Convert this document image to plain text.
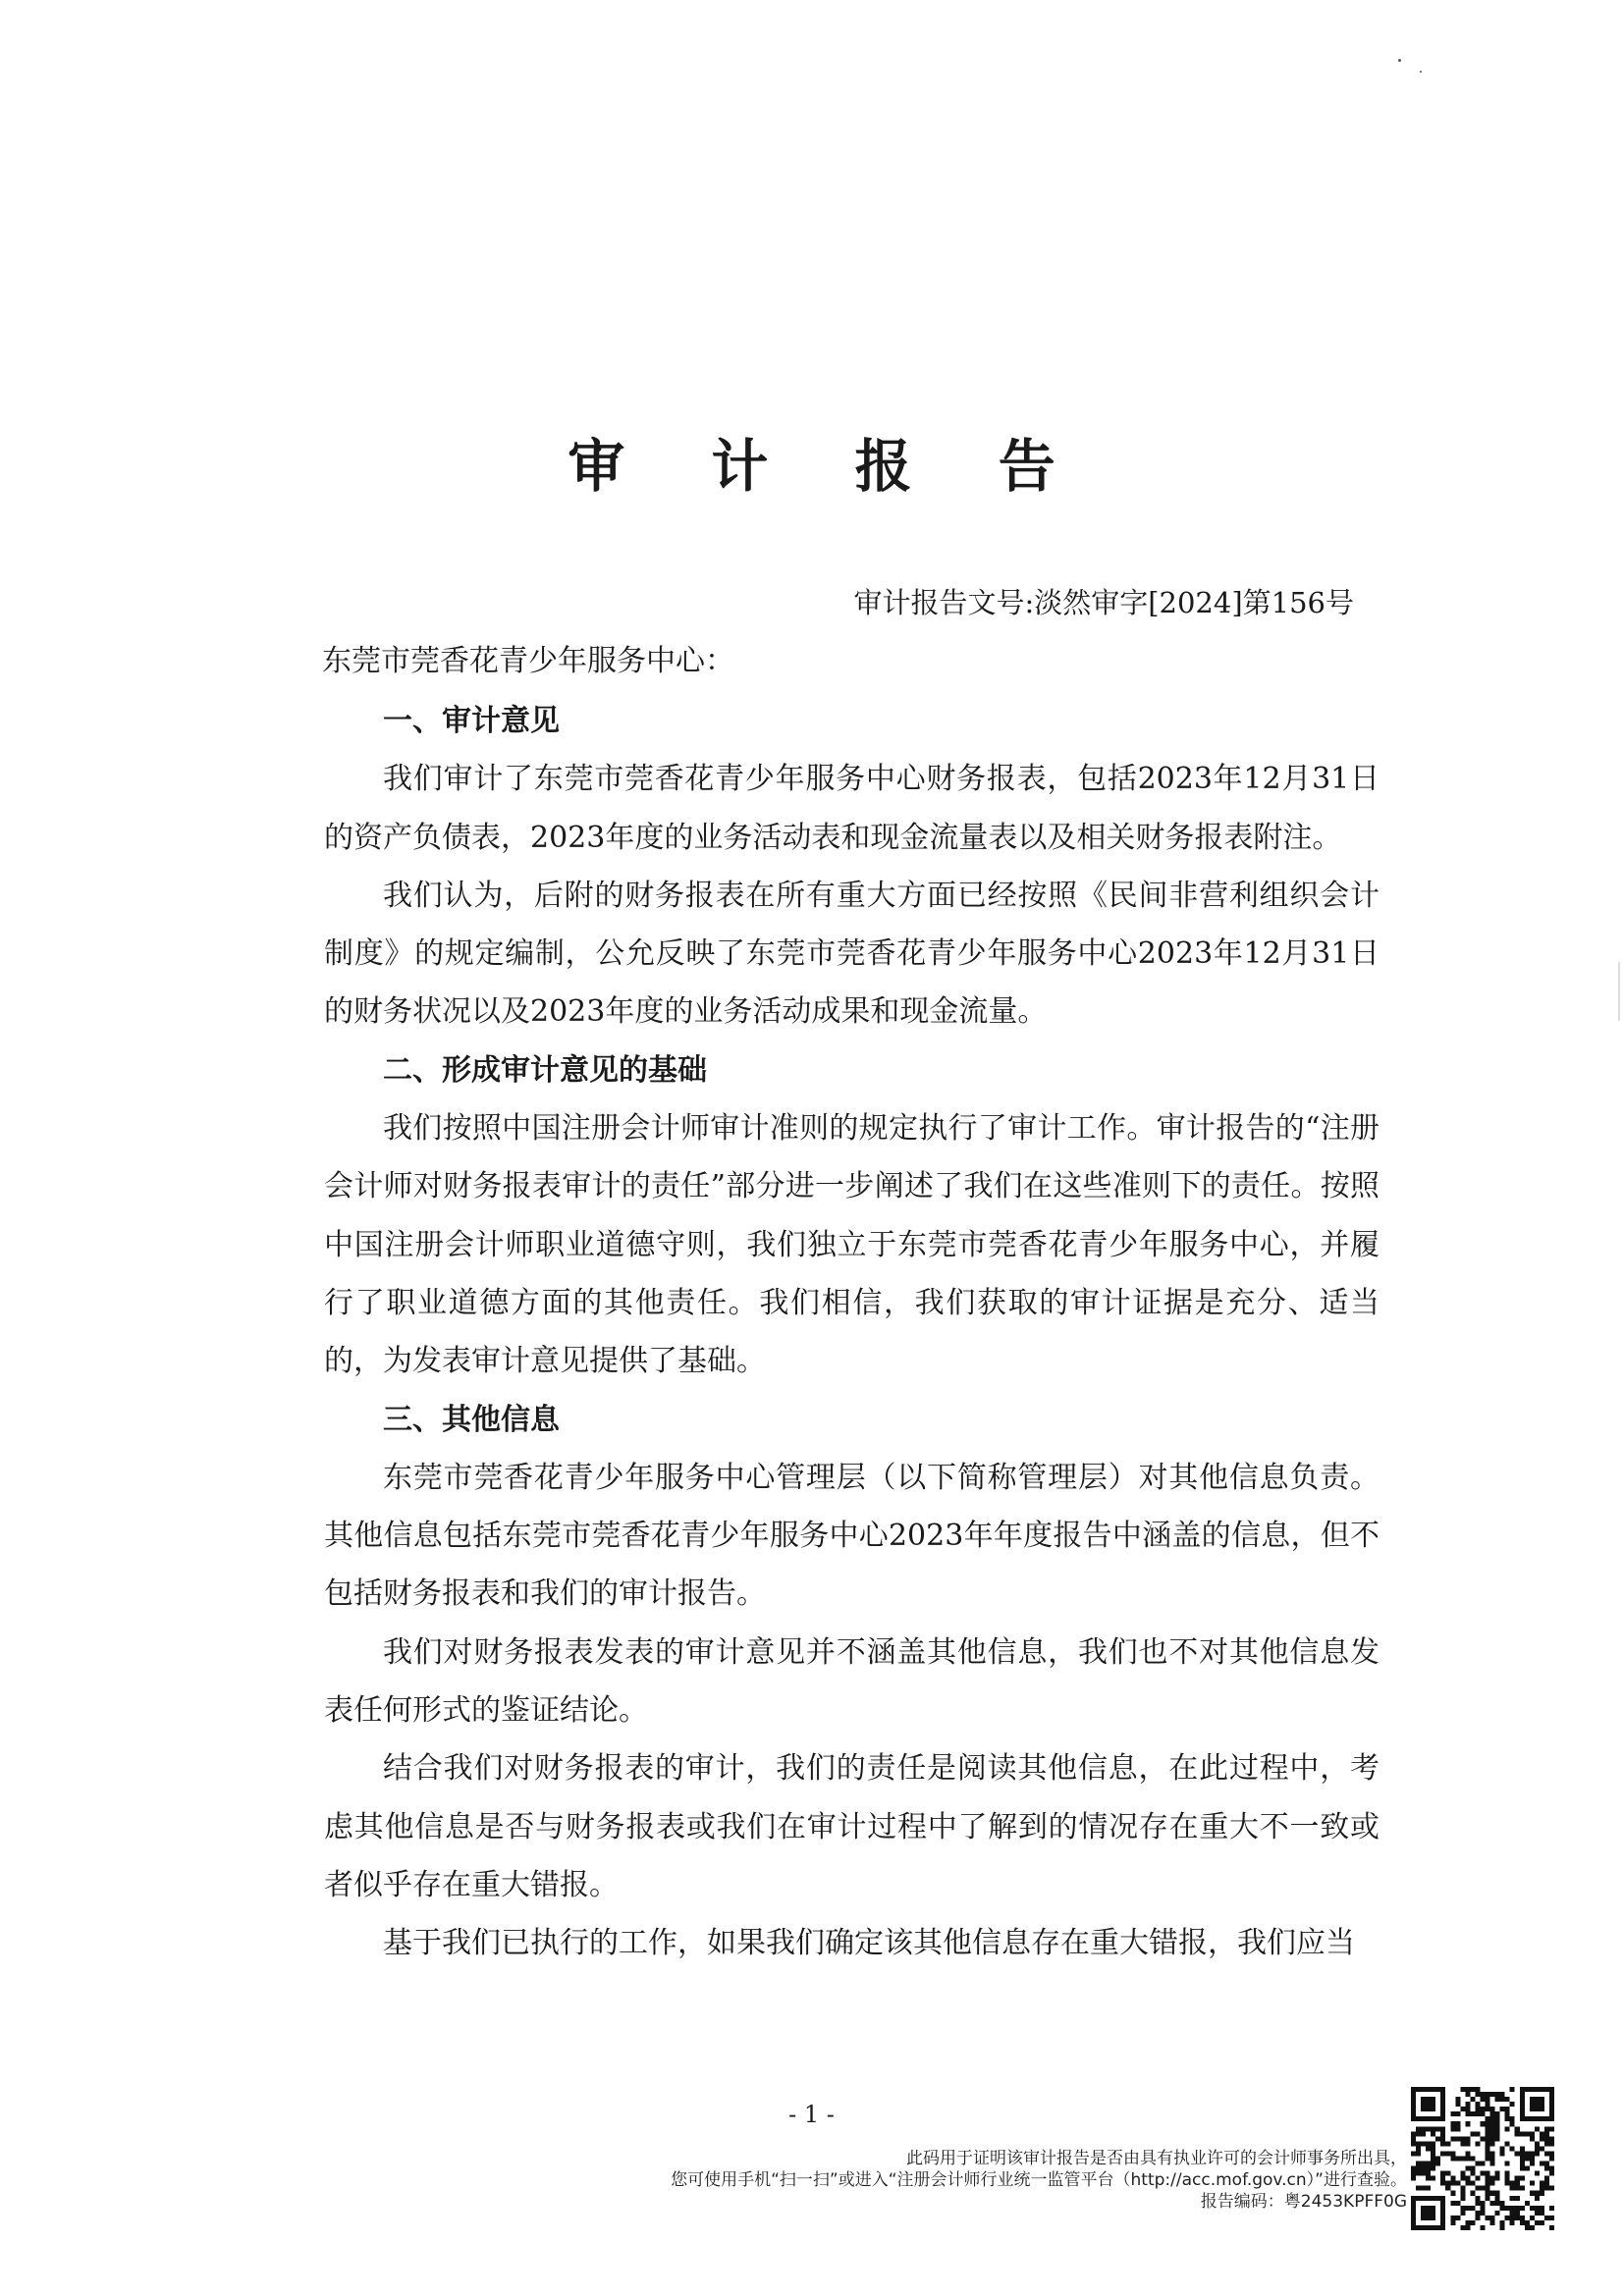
审 计 报 告
审计报告文号:淡然审字[2024]第156号
东莞市莞香花青少年服务中心：
一、审计意见

我们审计了东莞市莞香花青少年服务中心财务报表，包括2023年12月31日的资产负债表，2023年度的业务活动表和现金流量表以及相关财务报表附注。

我们认为，后附的财务报表在所有重大方面已经按照《民间非营利组织会计制度》的规定编制，公允反映了东莞市莞香花青少年服务中心2023年12月31日的财务状况以及2023年度的业务活动成果和现金流量。

二、形成审计意见的基础

我们按照中国注册会计师审计准则的规定执行了审计工作。审计报告的“注册会计师对财务报表审计的责任”部分进一步阐述了我们在这些准则下的责任。按照中国注册会计师职业道德守则，我们独立于东莞市莞香花青少年服务中心，并履行了职业道德方面的其他责任。我们相信，我们获取的审计证据是充分、适当的，为发表审计意见提供了基础。

三、其他信息

东莞市莞香花青少年服务中心管理层（以下简称管理层）对其他信息负责。其他信息包括东莞市莞香花青少年服务中心2023年年度报告中涵盖的信息，但不包括财务报表和我们的审计报告。

我们对财务报表发表的审计意见并不涵盖其他信息，我们也不对其他信息发表任何形式的鉴证结论。

结合我们对财务报表的审计，我们的责任是阅读其他信息，在此过程中，考虑其他信息是否与财务报表或我们在审计过程中了解到的情况存在重大不一致或者似乎存在重大错报。

基于我们已执行的工作，如果我们确定该其他信息存在重大错报，我们应当

- 1 -
此码用于证明该审计报告是否由具有执业许可的会计师事务所出具，
您可使用手机“扫一扫”或进入“注册会计师行业统一监管平台（http://acc.mof.gov.cn）”进行查验。
报告编码：粤2453KPFF0G
